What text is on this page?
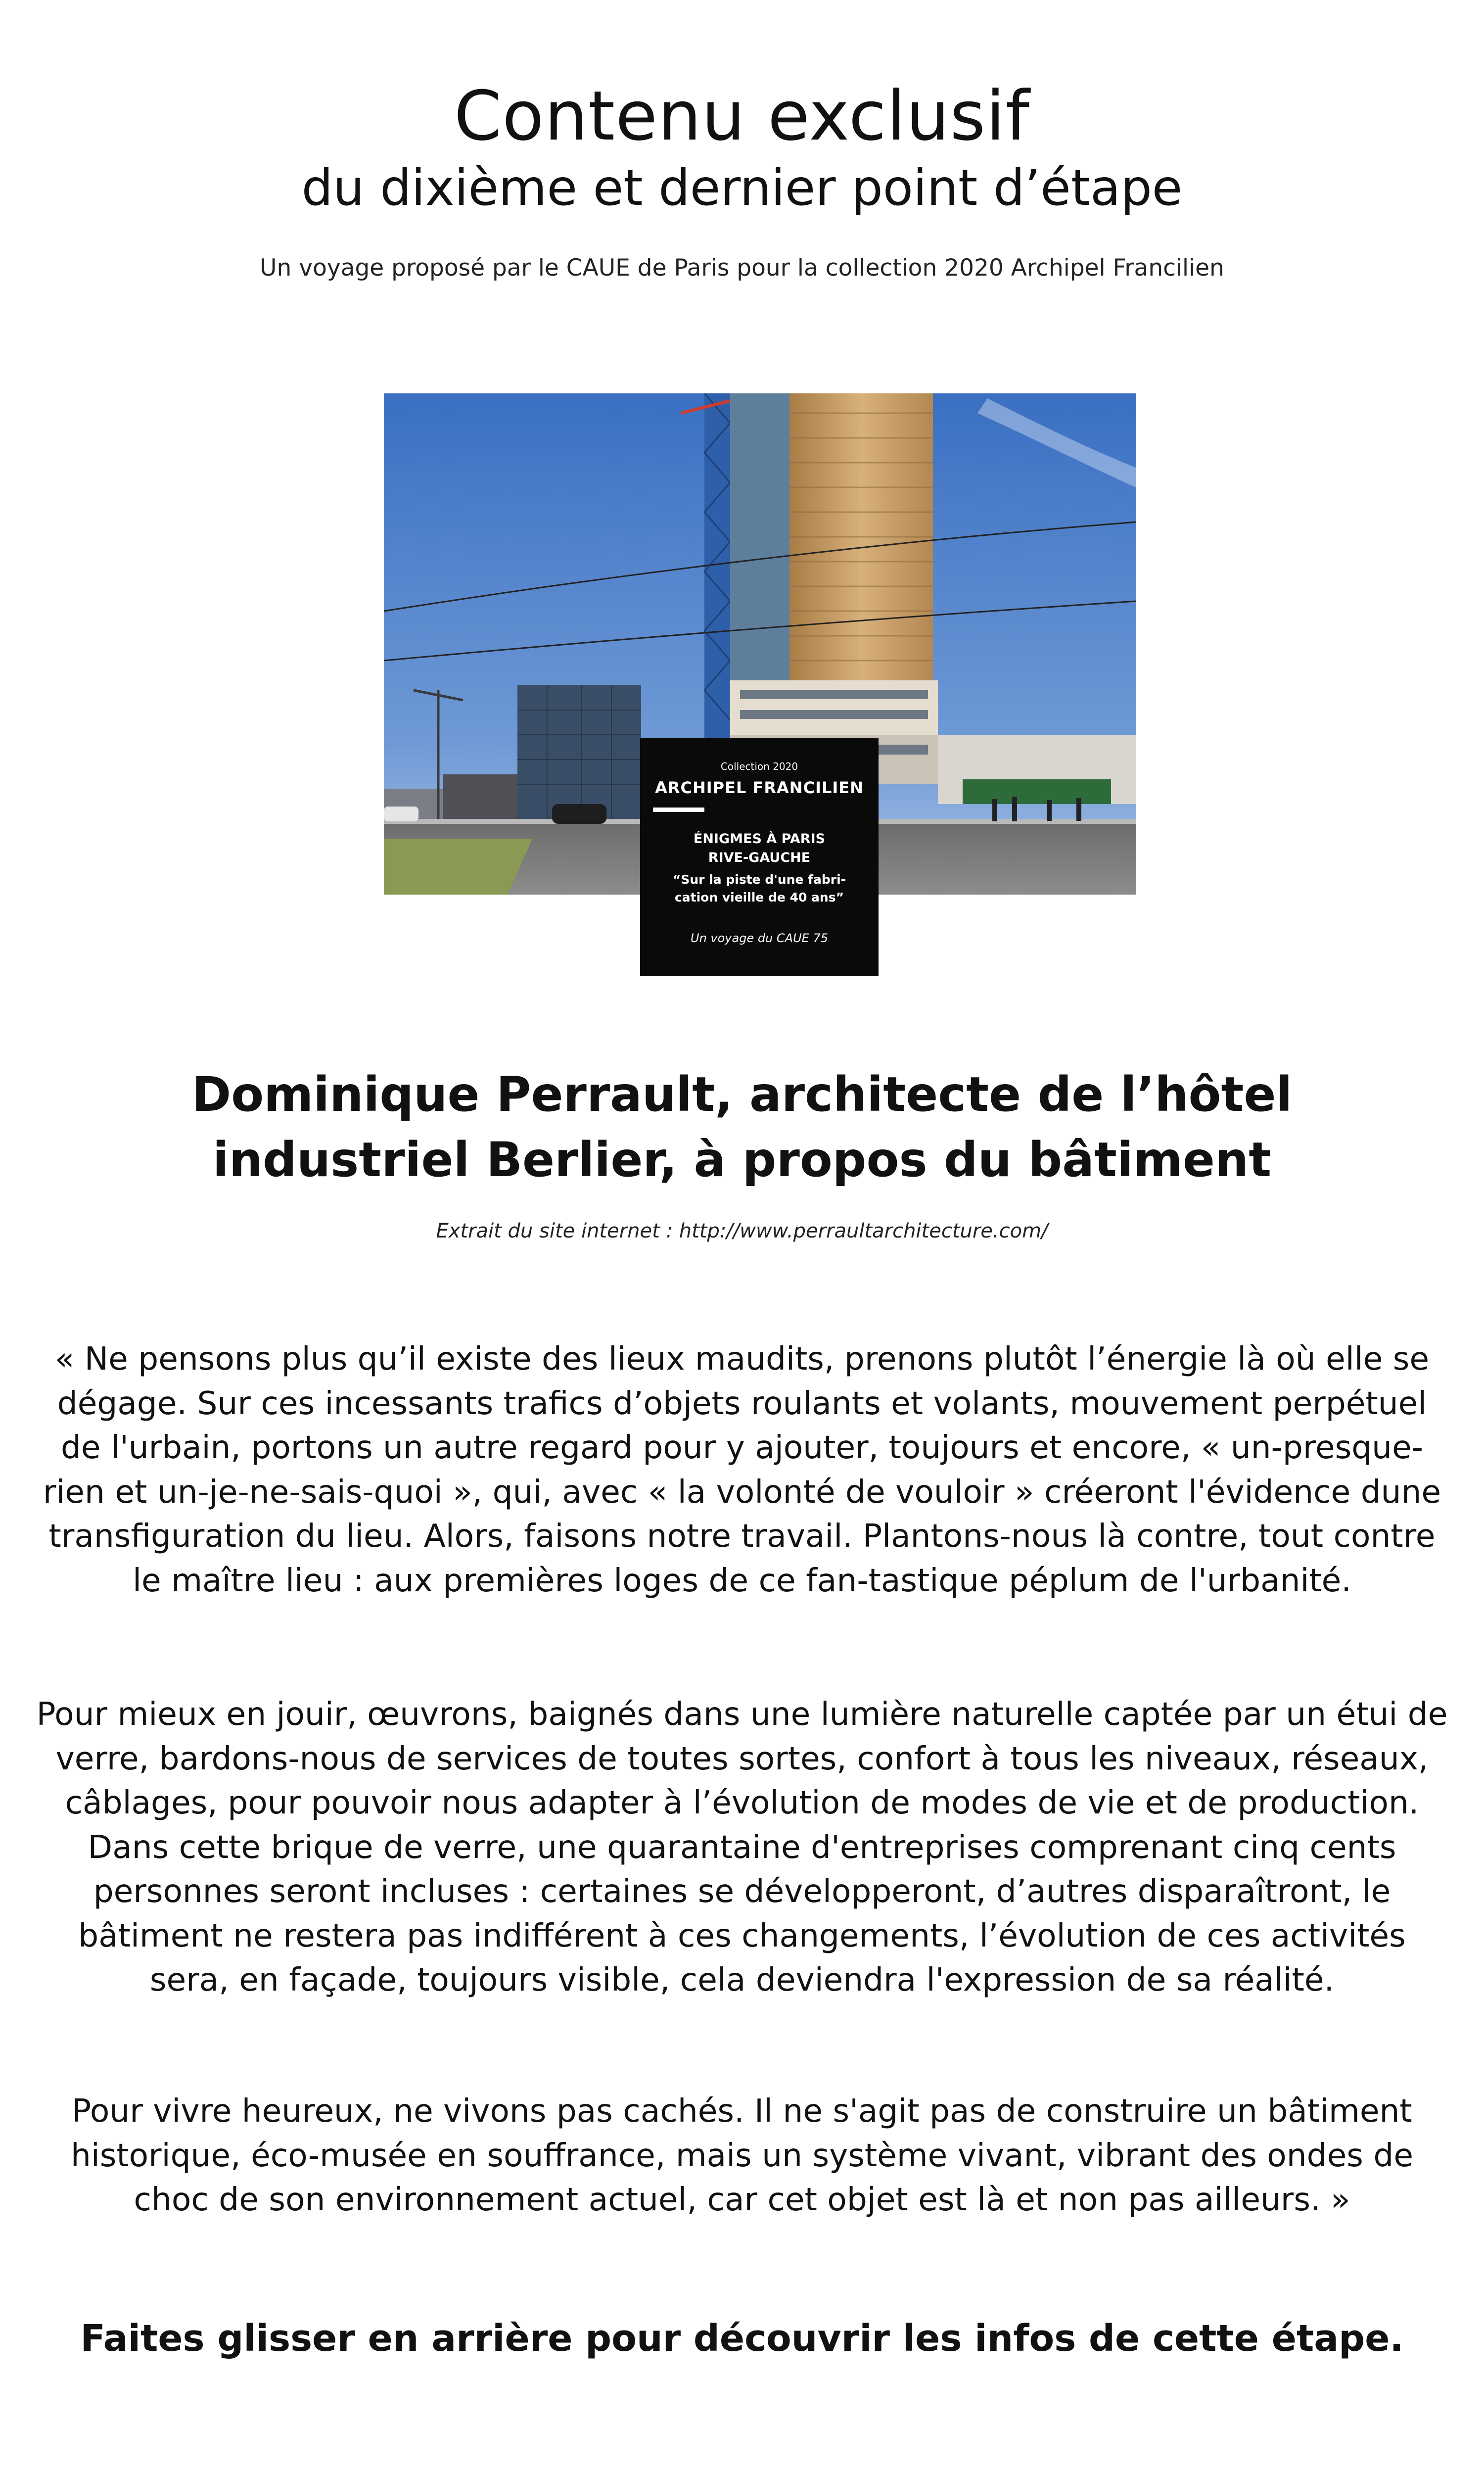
Contenu exclusif
du dixième et dernier point d’étape
Un voyage proposé par le CAUE de Paris pour la collection 2020 Archipel Francilien
Collection 2020
ARCHIPEL FRANCILIEN
ÉNIGMES À PARIS
RIVE-GAUCHE
“Sur la piste d'une fabri-cation vieille de 40 ans”
Un voyage du CAUE 75
Dominique Perrault, architecte de l’hôtel industriel Berlier, à propos du bâtiment
Extrait du site internet : http://www.perraultarchitecture.com/

« Ne pensons plus qu’il existe des lieux maudits, prenons plutôt l’énergie là où elle se dégage. Sur ces incessants trafics d’objets roulants et volants, mouvement perpétuel de l'urbain, portons un autre regard pour y ajouter, toujours et encore, « un-presque-rien et un-je-ne-sais-quoi », qui, avec « la volonté de vouloir » créeront l'évidence dune transfiguration du lieu. Alors, faisons notre travail. Plantons-nous là contre, tout contre le maître lieu : aux premières loges de ce fan-tastique péplum de l'urbanité.

Pour mieux en jouir, œuvrons, baignés dans une lumière naturelle captée par un étui de verre, bardons-nous de services de toutes sortes, confort à tous les niveaux, réseaux, câblages, pour pouvoir nous adapter à l’évolution de modes de vie et de production. Dans cette brique de verre, une quarantaine d'entreprises comprenant cinq cents personnes seront incluses : certaines se développeront, d’autres disparaîtront, le bâtiment ne restera pas indifférent à ces changements, l’évolution de ces activités sera, en façade, toujours visible, cela deviendra l'expression de sa réalité.

Pour vivre heureux, ne vivons pas cachés. Il ne s'agit pas de construire un bâtiment historique, éco-musée en souffrance, mais un système vivant, vibrant des ondes de choc de son environnement actuel, car cet objet est là et non pas ailleurs. »

Faites glisser en arrière pour découvrir les infos de cette étape.
